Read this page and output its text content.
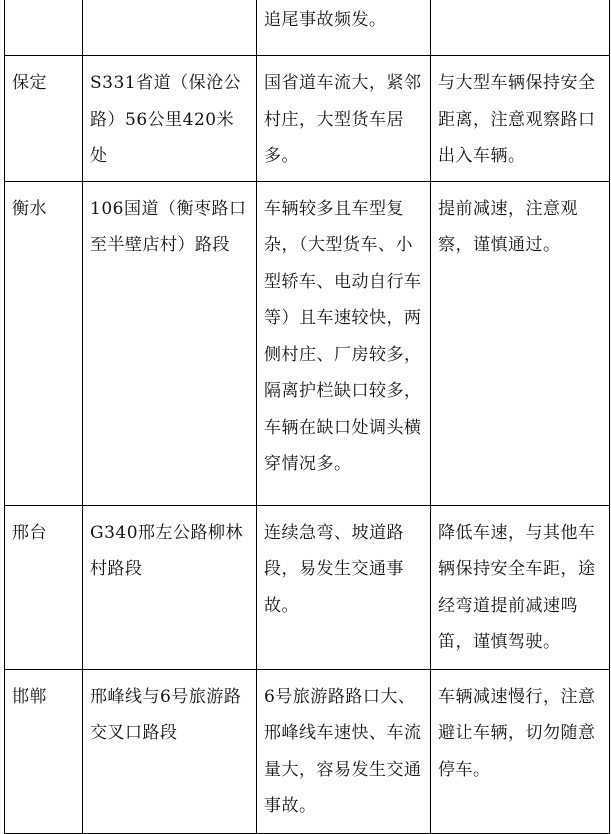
		追尾事故频发。	
保定	S331省道（保沧公路）56公里420米处	国省道车流大，紧邻村庄，大型货车居多。	与大型车辆保持安全距离，注意观察路口出入车辆。
衡水	106国道（衡枣路口至半壁店村）路段	车辆较多且车型复杂，（大型货车、小型轿车、电动自行车等）且车速较快，两侧村庄、厂房较多，隔离护栏缺口较多，车辆在缺口处调头横穿情况多。	提前减速，注意观察，谨慎通过。
邢台	G340邢左公路柳林村路段	连续急弯、坡道路段，易发生交通事故。	降低车速，与其他车辆保持安全车距，途经弯道提前减速鸣笛，谨慎驾驶。
邯郸	邢峰线与6号旅游路交叉口路段	6号旅游路路口大、邢峰线车速快、车流量大，容易发生交通事故。	车辆减速慢行，注意避让车辆，切勿随意停车。
